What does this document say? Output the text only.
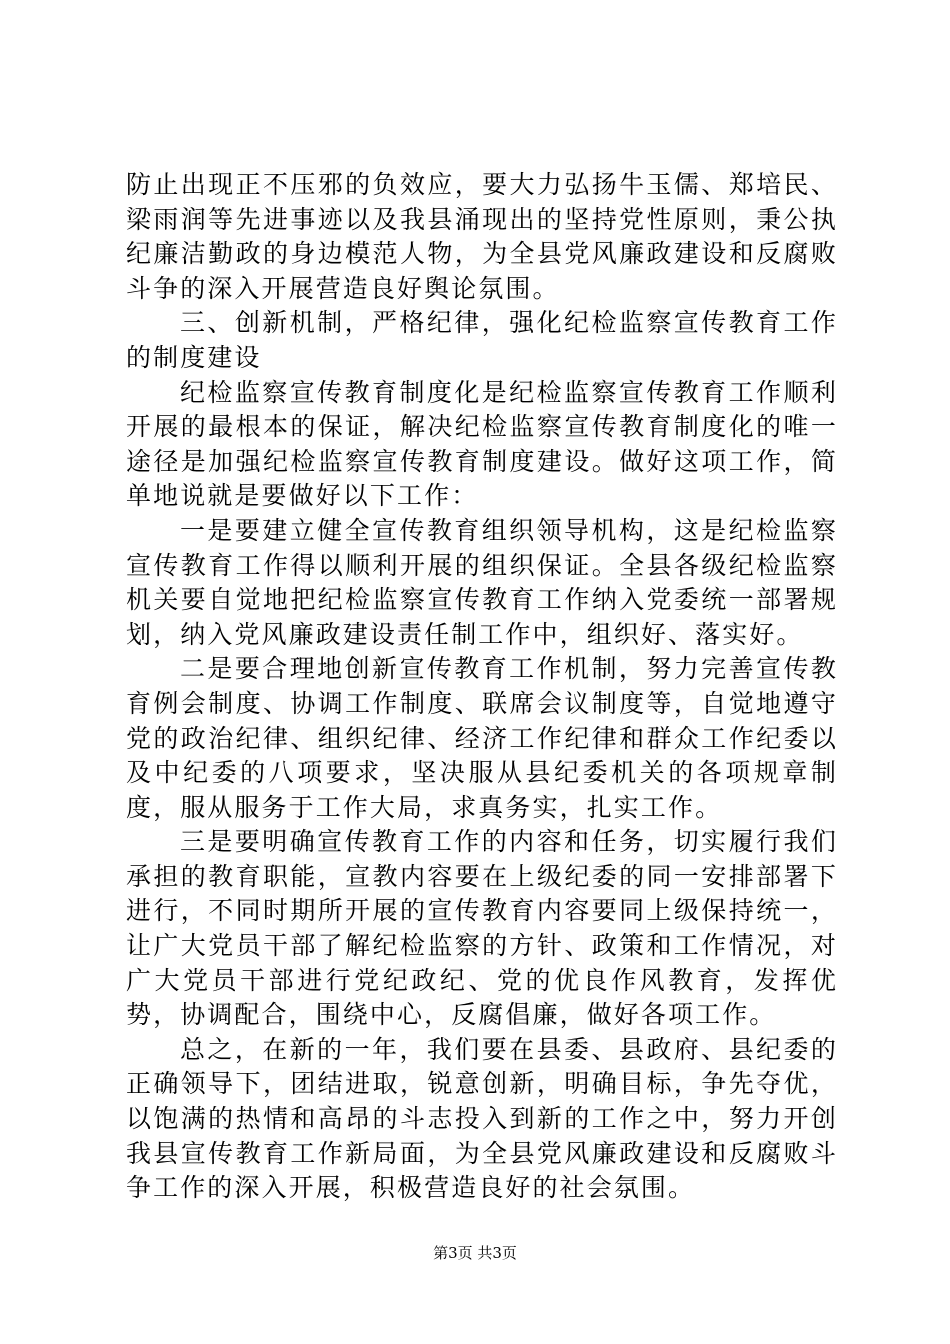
防止出现正不压邪的负效应，要大力弘扬牛玉儒、郑培民、梁雨润等先进事迹以及我县涌现出的坚持党性原则，秉公执纪廉洁勤政的身边模范人物，为全县党风廉政建设和反腐败斗争的深入开展营造良好舆论氛围。

三、创新机制，严格纪律，强化纪检监察宣传教育工作的制度建设

纪检监察宣传教育制度化是纪检监察宣传教育工作顺利开展的最根本的保证，解决纪检监察宣传教育制度化的唯一途径是加强纪检监察宣传教育制度建设。做好这项工作，简单地说就是要做好以下工作：

一是要建立健全宣传教育组织领导机构，这是纪检监察宣传教育工作得以顺利开展的组织保证。全县各级纪检监察机关要自觉地把纪检监察宣传教育工作纳入党委统一部署规划，纳入党风廉政建设责任制工作中，组织好、落实好。

二是要合理地创新宣传教育工作机制，努力完善宣传教育例会制度、协调工作制度、联席会议制度等，自觉地遵守党的政治纪律、组织纪律、经济工作纪律和群众工作纪委以及中纪委的八项要求，坚决服从县纪委机关的各项规章制度，服从服务于工作大局，求真务实，扎实工作。

三是要明确宣传教育工作的内容和任务，切实履行我们承担的教育职能，宣教内容要在上级纪委的同一安排部署下进行，不同时期所开展的宣传教育内容要同上级保持统一，让广大党员干部了解纪检监察的方针、政策和工作情况，对广大党员干部进行党纪政纪、党的优良作风教育，发挥优势，协调配合，围绕中心，反腐倡廉，做好各项工作。

总之，在新的一年，我们要在县委、县政府、县纪委的正确领导下，团结进取，锐意创新，明确目标，争先夺优，以饱满的热情和高昂的斗志投入到新的工作之中，努力开创我县宣传教育工作新局面，为全县党风廉政建设和反腐败斗争工作的深入开展，积极营造良好的社会氛围。

第3页 共3页
